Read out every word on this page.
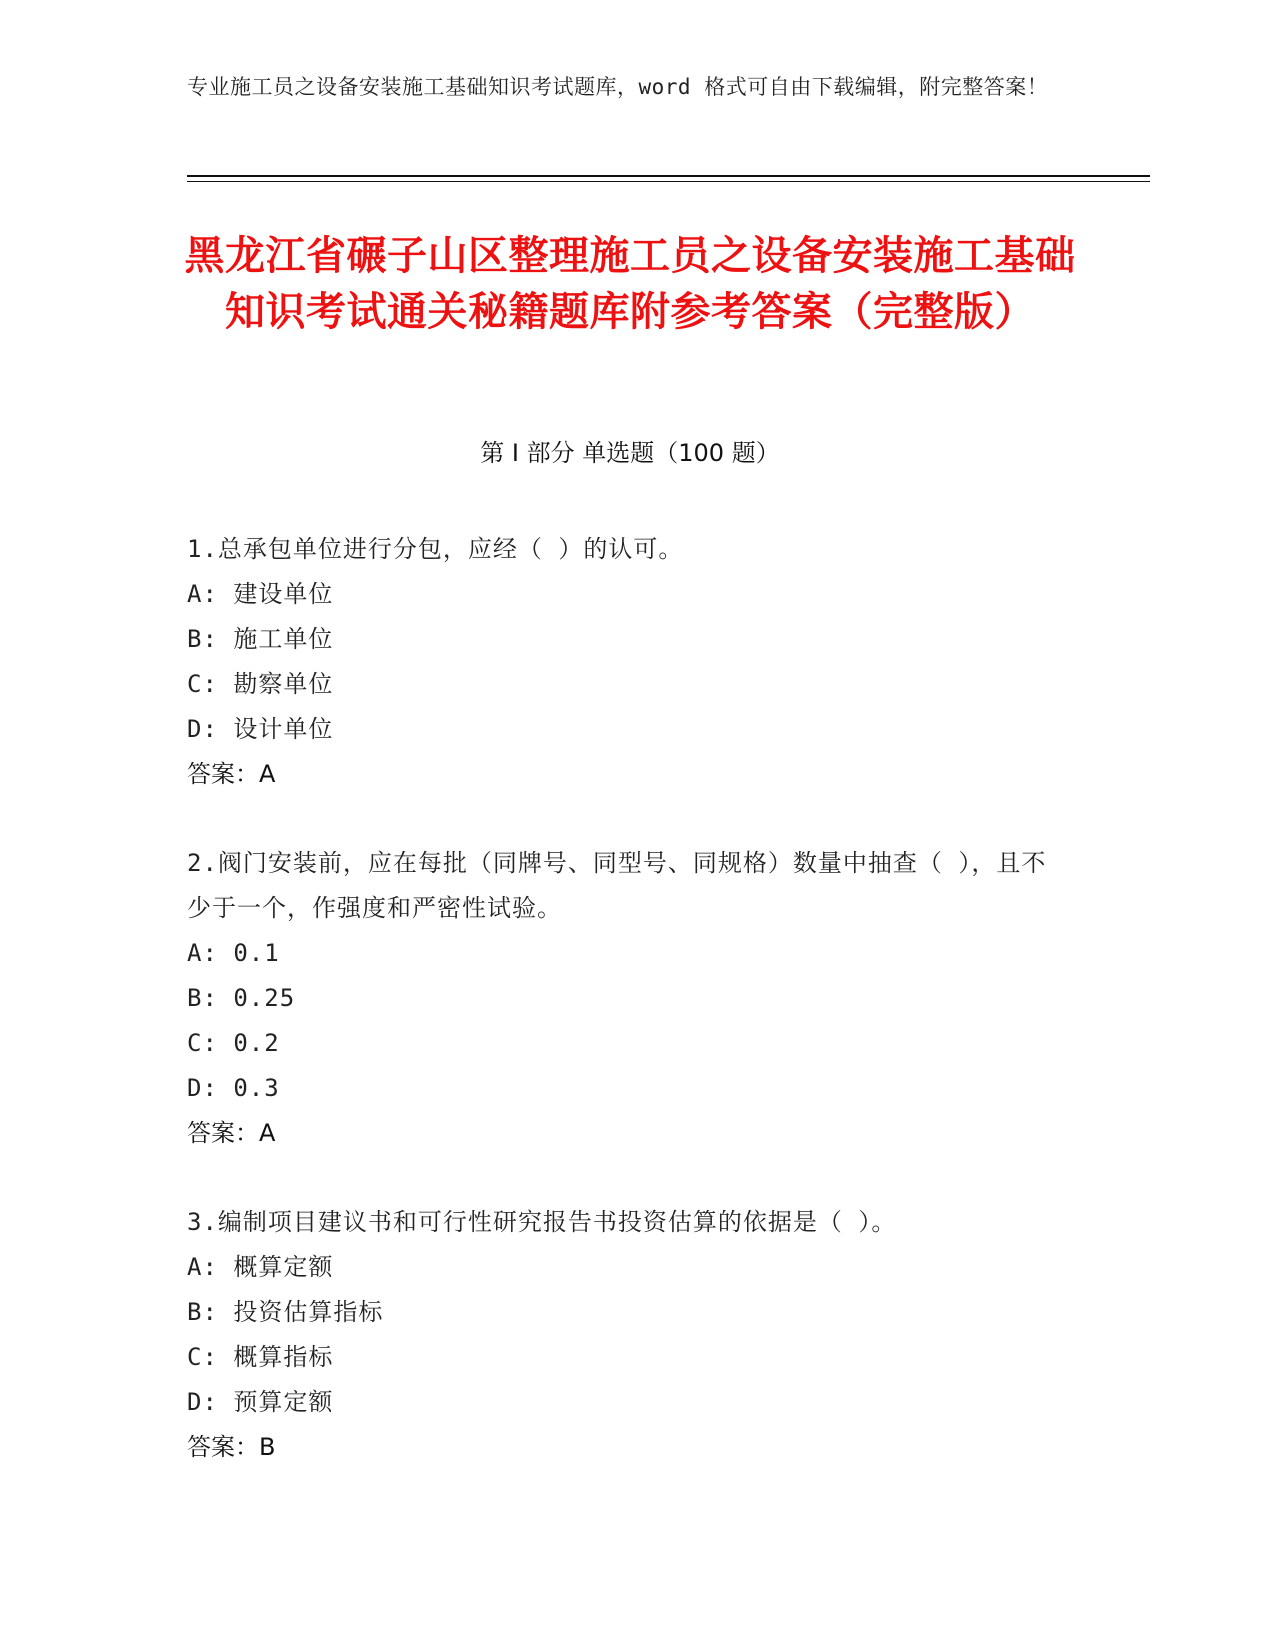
专业施工员之设备安装施工基础知识考试题库，word 格式可自由下载编辑，附完整答案！
黑龙江省碾子山区整理施工员之设备安装施工基础知识考试通关秘籍题库附参考答案（完整版）
第 I 部分 单选题（100 题）
1.总承包单位进行分包，应经（ ）的认可。
A: 建设单位
B: 施工单位
C: 勘察单位
D: 设计单位
答案：A
2.阀门安装前，应在每批（同牌号、同型号、同规格）数量中抽查（ ），且不少于一个，作强度和严密性试验。
A: 0.1
B: 0.25
C: 0.2
D: 0.3
答案：A
3.编制项目建议书和可行性研究报告书投资估算的依据是（ ）。
A: 概算定额
B: 投资估算指标
C: 概算指标
D: 预算定额
答案：B
